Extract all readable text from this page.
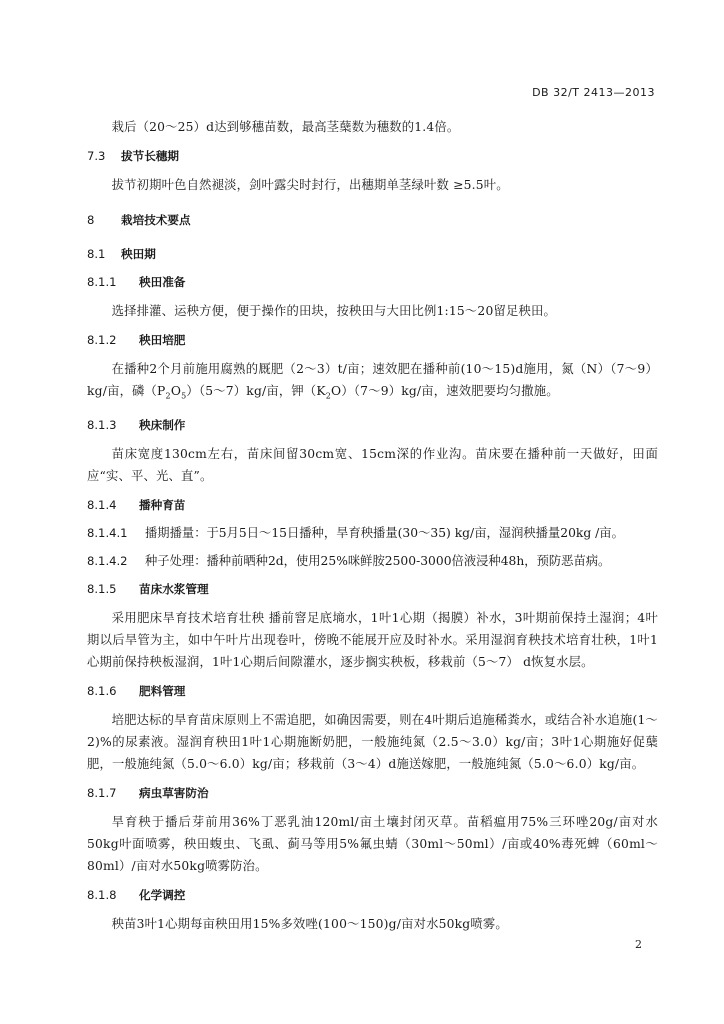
DB 32/T 2413—2013

栽后（20～25）d达到够穗苗数，最高茎蘖数为穗数的1.4倍。

7.3	拔节长穗期

拔节初期叶色自然褪淡，剑叶露尖时封行，出穗期单茎绿叶数 ≥5.5叶。

8	栽培技术要点
8.1	秧田期
8.1.1	秧田准备

选择排灌、运秧方便，便于操作的田块，按秧田与大田比例1:15～20留足秧田。

8.1.2	秧田培肥

在播种2个月前施用腐熟的厩肥（2～3）t/亩；速效肥在播种前(10～15)d施用，氮（N）（7～9）kg/亩，磷$(P_2O_5)(5\sim 7)kg/$亩，钾$(K_2O)(7\sim 9)kg/$亩，速效肥要均匀撒施。

8.1.3	秧床制作

苗床宽度130cm左右，苗床间留30cm宽、15cm深的作业沟。苗床要在播种前一天做好，田面应“实、平、光、直”。

8.1.4	播种育苗
8.1.4.1	播期播量：于5月5日～15日播种，旱育秧播量(30～35) kg/亩，湿润秧播量20kg /亩。
8.1.4.2	种子处理：播种前晒种2d，使用25%咪鲜胺2500-3000倍液浸种48h，预防恶苗病。
8.1.5	苗床水浆管理

采用肥床旱育技术培育壮秧 播前窨足底墒水，1叶1心期（揭膜）补水，3叶期前保持土湿润；4叶期以后旱管为主，如中午叶片出现卷叶，傍晚不能展开应及时补水。采用湿润育秧技术培育壮秧，1叶1心期前保持秧板湿润，1叶1心期后间隙灌水，逐步搁实秧板，移栽前（5～7） d恢复水层。

8.1.6	肥料管理

培肥达标的旱育苗床原则上不需追肥，如确因需要，则在4叶期后追施稀粪水，或结合补水追施(1～2)%的尿素液。湿润育秧田1叶1心期施断奶肥，一般施纯氮（2.5～3.0）kg/亩；3叶1心期施好促蘖肥，一般施纯氮（5.0～6.0）kg/亩；移栽前（3～4）d施送嫁肥，一般施纯氮（5.0～6.0）kg/亩。

8.1.7	病虫草害防治

旱育秧于播后芽前用36%丁恶乳油120ml/亩土壤封闭灭草。苗稻瘟用75%三环唑20g/亩对水50kg叶面喷雾，秧田蝮虫、飞虱、蓟马等用5%氟虫蜻（30ml～50ml）/亩或40%毒死蜱（60ml～80ml）/亩对水50kg喷雾防治。

8.1.8	化学调控

秧苗3叶1心期每亩秧田用15%多效唑(100～150)g/亩对水50kg喷雾。

2
